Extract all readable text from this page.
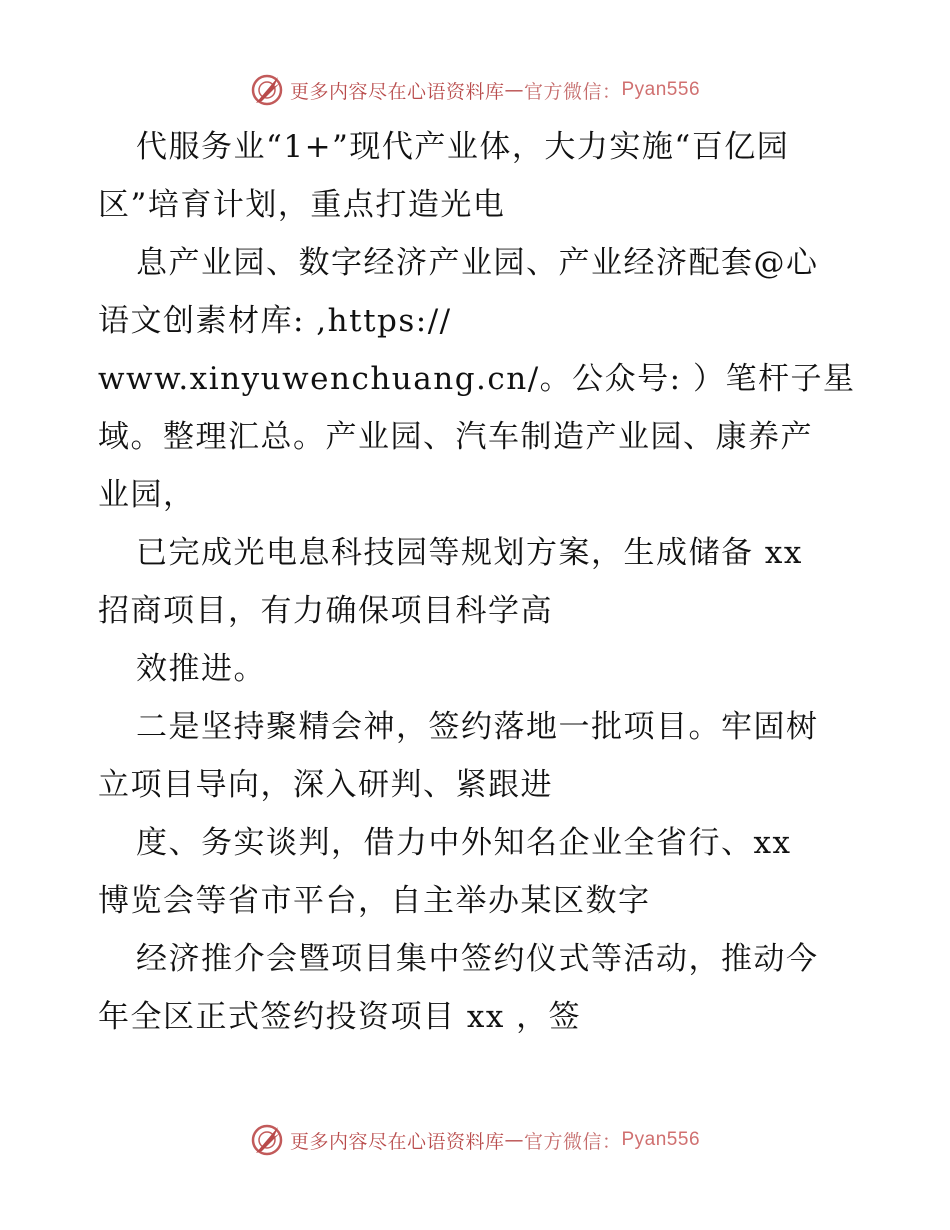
更多内容尽在心语资料库 — 官方微信： Pyan556
代服务业“1+”现代产业体，大力实施“百亿园
区”培育计划，重点打造光电
息产业园、数字经济产业园、产业经济配套@心
语文创素材库: ,https://
www.xinyuwenchuang.cn/。公众号: ）笔杆子星
域。整理汇总。产业园、汽车制造产业园、康养产
业园，
已完成光电息科技园等规划方案，生成储备 xx
招商项目，有力确保项目科学高
效推进。
二是坚持聚精会神，签约落地一批项目。牢固树
立项目导向，深入研判、紧跟进
度、务实谈判，借力中外知名企业全省行、xx
博览会等省市平台，自主举办某区数字
经济推介会暨项目集中签约仪式等活动，推动今
年全区正式签约投资项目 xx ，签
更多内容尽在心语资料库 — 官方微信： Pyan556
